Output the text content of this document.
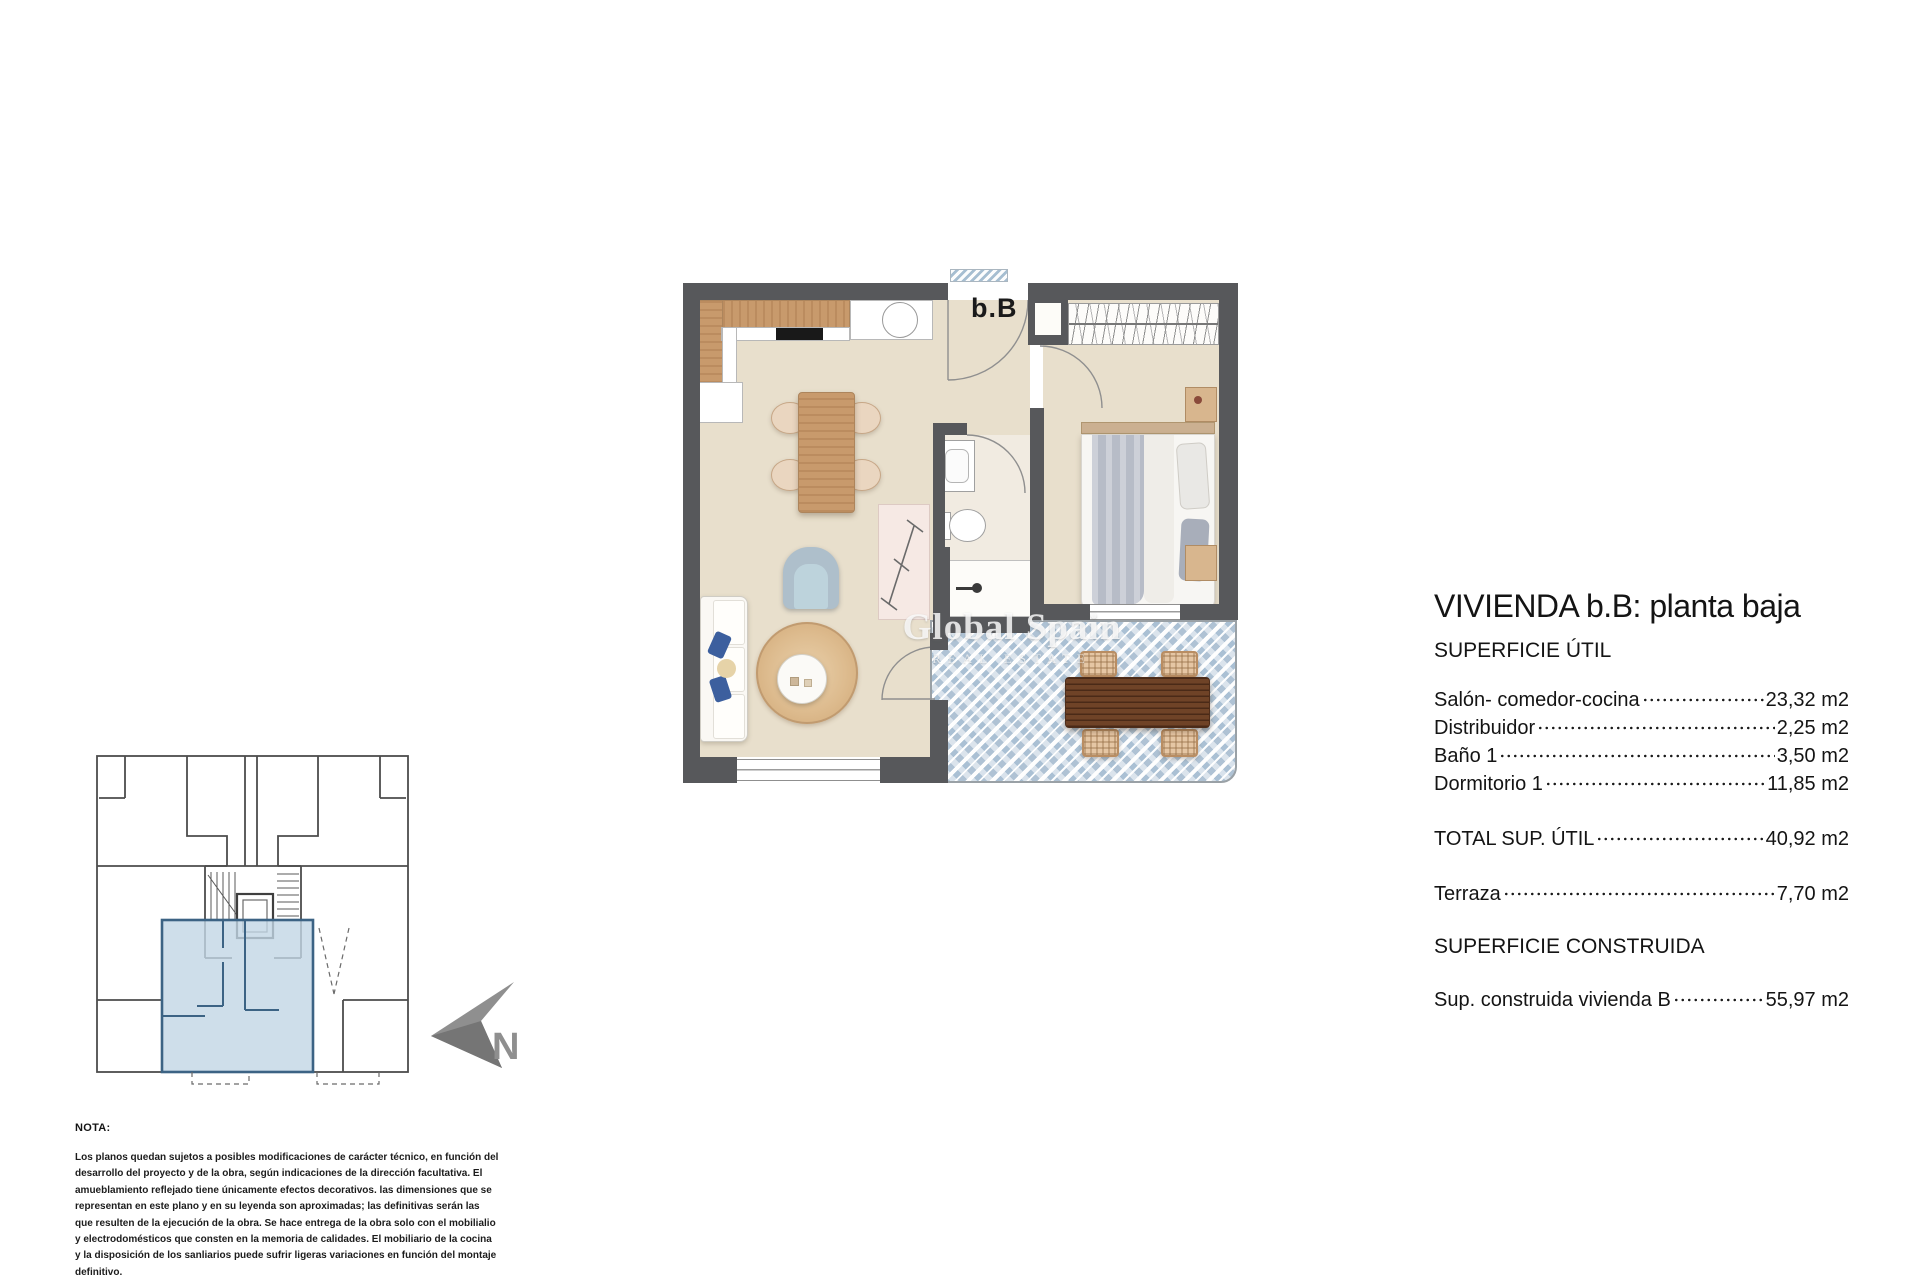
b.B
Global Spain
REAL ESTATE
N
VIVIENDA b.B: planta baja
SUPERFICIE ÚTIL
Salón- comedor-cocina	23,32 m2
Distribuidor	2,25 m2
Baño 1	3,50 m2
Dormitorio 1	11,85 m2
TOTAL SUP. ÚTIL	40,92 m2
Terraza	7,70 m2
SUPERFICIE CONSTRUIDA
Sup. construida vivienda B	55,97 m2
NOTA:
Los planos quedan sujetos a posibles modificaciones de carácter técnico, en función del desarrollo del proyecto y de la obra, según indicaciones de la dirección facultativa. El amueblamiento reflejado tiene únicamente efectos decorativos. las dimensiones que se representan en este plano y en su leyenda son aproximadas; las definitivas serán las que resulten de la ejecución de la obra. Se hace entrega de la obra solo con el mobilialio y electrodomésticos que consten en la memoria de calidades. El mobiliario de la cocina y la disposición de los sanliarios puede sufrir ligeras variaciones en función del montaje definitivo.
